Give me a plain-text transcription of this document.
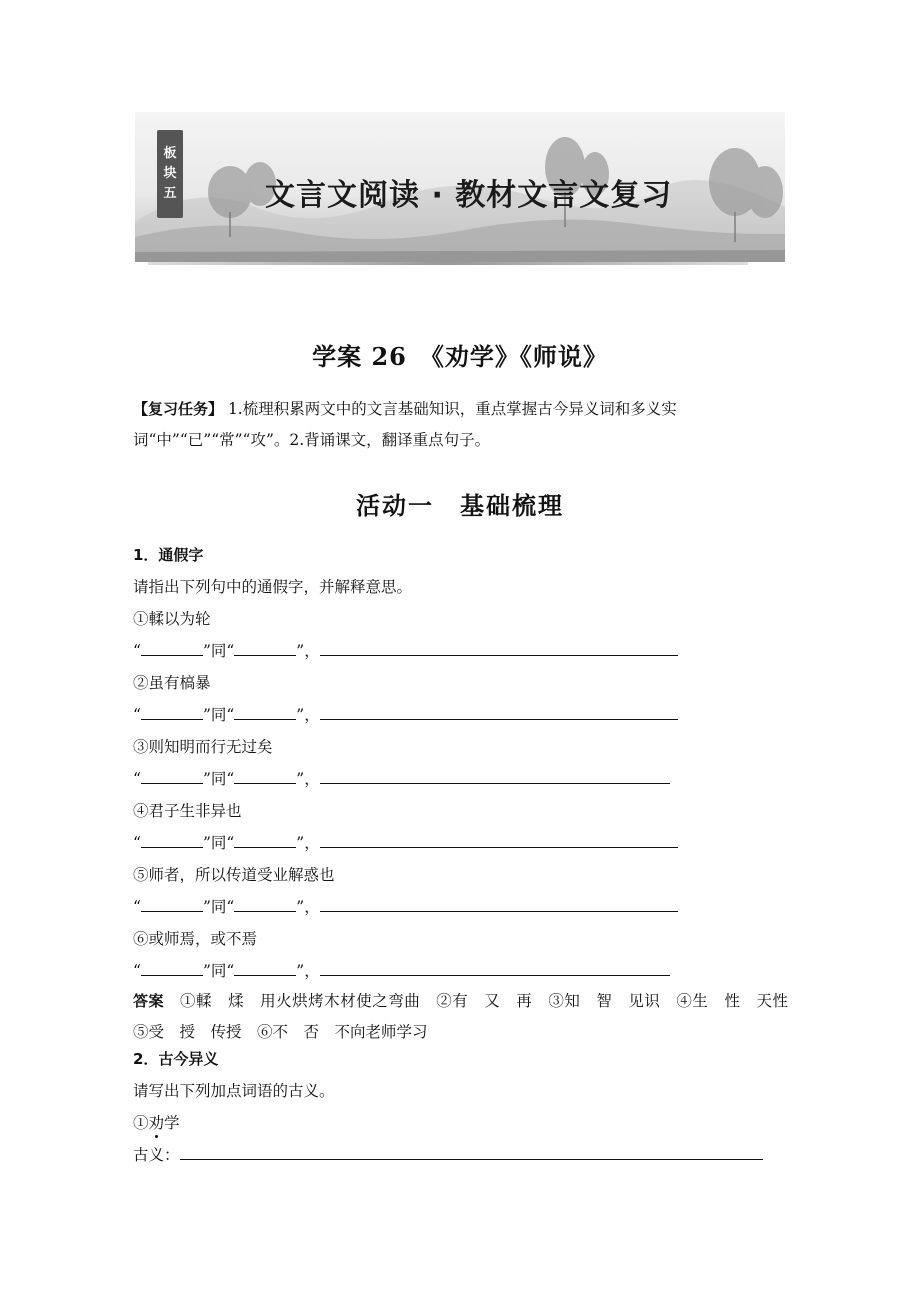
板
块
五	文言文阅读 · 教材文言文复习
学案 26　《劝学》《师说》
【复习任务】 1.梳理积累两文中的文言基础知识，重点掌握古今异义词和多义实词“中”“已”“常”“攻”。2.背诵课文，翻译重点句子。
活动一　基础梳理
1．通假字
请指出下列句中的通假字，并解释意思。
①輮以为轮
“	”同“	”，
②虽有槁暴
“	”同“	”，
③则知明而行无过矣
“	”同“	”，
④君子生非异也
“	”同“	”，
⑤师者，所以传道受业解惑也
“	”同“	”，
⑥或师焉，或不焉
“	”同“	”，
答案　①輮　煣　用火烘烤木材使之弯曲　②有　又　再　③知　智　见识　④生　性　天性　⑤受　授　传授　⑥不　否　不向老师学习
2．古今异义
请写出下列加点词语的古义。
①劝学
古义：
